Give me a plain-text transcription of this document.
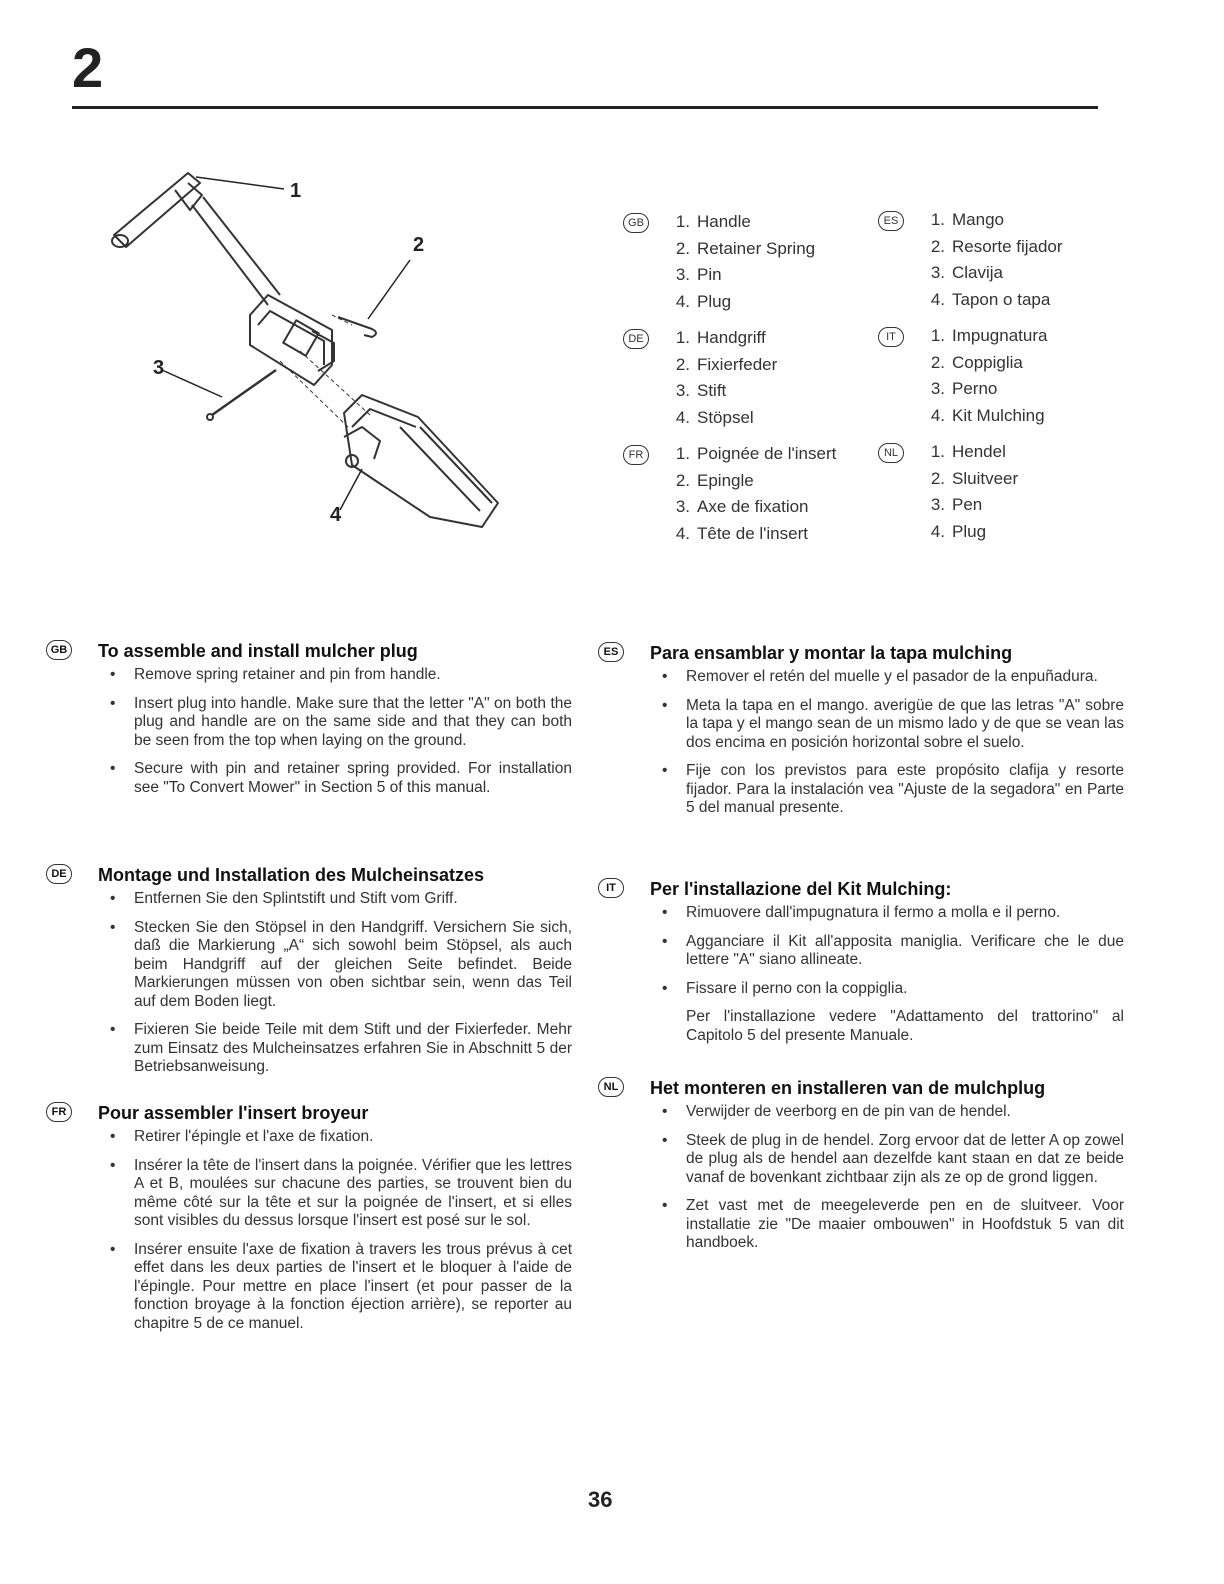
2
1
2
3
4
GB	1. Handle
2. Retainer Spring
3. Pin
4. Plug
DE	1. Handgriff
2. Fixierfeder
3. Stift
4. Stöpsel
FR	1. Poignée de l'insert
2. Epingle
3. Axe de fixation
4. Tête de l'insert
ES	1. Mango
2. Resorte fijador
3. Clavija
4. Tapon o tapa
IT	1. Impugnatura
2. Coppiglia
3. Perno
4. Kit Mulching
NL	1. Hendel
2. Sluitveer
3. Pen
4. Plug
GB To assemble and install mulcher plug
• Remove spring retainer and pin from handle.
• Insert plug into handle. Make sure that the letter "A" on both the plug and handle are on the same side and that they can both be seen from the top when laying on the ground.
• Secure with pin and retainer spring provided. For installation see "To Convert Mower" in Section 5 of this manual.
DE Montage und Installation des Mulcheinsatzes
• Entfernen Sie den Splintstift und Stift vom Griff.
• Stecken Sie den Stöpsel in den Handgriff. Versichern Sie sich, daß die Markierung „A“ sich sowohl beim Stöpsel, als auch beim Handgriff auf der gleichen Seite befindet. Beide Markierungen müssen von oben sichtbar sein, wenn das Teil auf dem Boden liegt.
• Fixieren Sie beide Teile mit dem Stift und der Fixierfeder. Mehr zum Einsatz des Mulcheinsatzes erfahren Sie in Abschnitt 5 der Betriebsanweisung.
FR	Pour assembler l'insert broyeur
• Retirer l'épingle et l'axe de fixation.
• Insérer la tête de l'insert dans la poignée. Vérifier que les lettres A et B, moulées sur chacune des parties, se trouvent bien du même côté sur la tête et sur la poignée de l'insert, et si elles sont visibles du dessus lorsque l'insert est posé sur le sol.
• Insérer ensuite l'axe de fixation à travers les trous prévus à cet effet dans les deux parties de l'insert et le bloquer à l'aide de l'épingle. Pour mettre en place l'insert (et pour passer de la fonction broyage à la fonction éjection arrière), se reporter au chapitre 5 de ce manuel.
ES	Para ensamblar y montar la tapa mulching
• Remover el retén del muelle y el pasador de la enpuñadura.
• Meta la tapa en el mango. averigüe de que las letras "A" sobre la tapa y el mango sean de un mismo lado y de que se vean las dos encima en posición horizontal sobre el suelo.
• Fije con los previstos para este propósito clafija y resorte fijador. Para la instalación vea "Ajuste de la segadora" en Parte 5 del manual presente.
IT	Per l'installazione del Kit Mulching:
• Rimuovere dall'impugnatura il fermo a molla e il perno.
• Agganciare il Kit all'apposita maniglia. Verificare che le due lettere "A" siano allineate.
• Fissare il perno con la coppiglia.
Per l'installazione vedere "Adattamento del trattorino" al Capitolo 5 del presente Manuale.
NL	Het monteren en installeren van de mulchplug
• Verwijder de veerborg en de pin van de hendel.
• Steek de plug in de hendel. Zorg ervoor dat de letter A op zowel de plug als de hendel aan dezelfde kant staan en dat ze beide vanaf de bovenkant zichtbaar zijn als ze op de grond liggen.
• Zet vast met de meegeleverde pen en de sluitveer. Voor installatie zie "De maaier ombouwen" in Hoofdstuk 5 van dit handboek.
36
